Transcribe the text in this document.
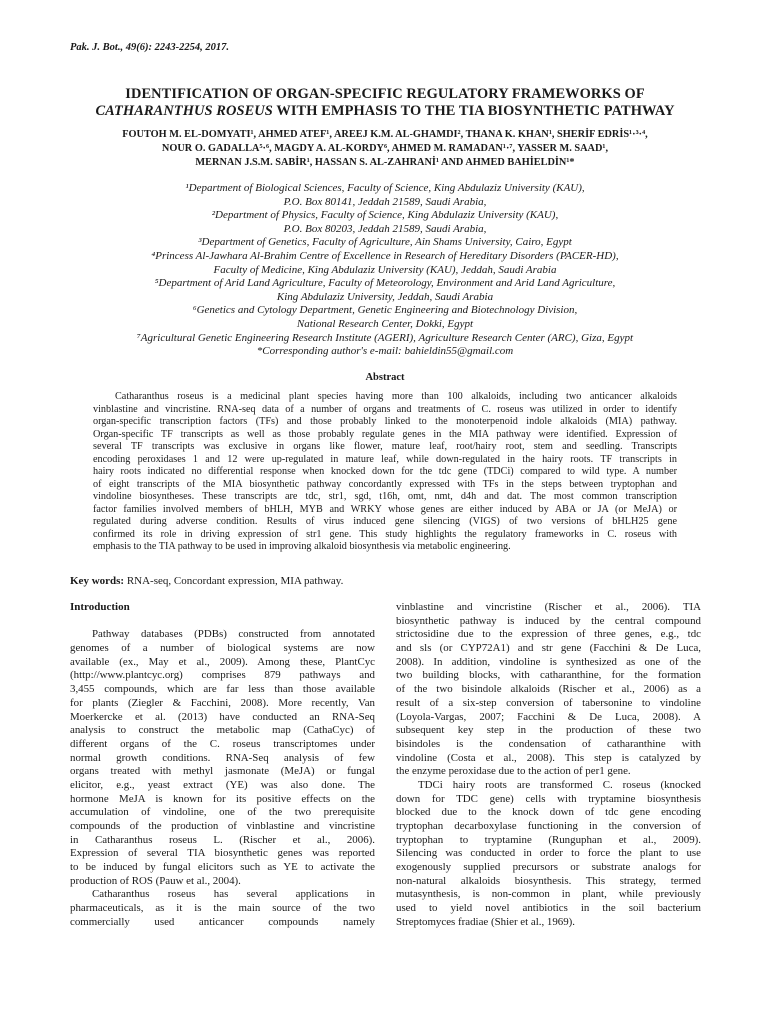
Pak. J. Bot., 49(6): 2243-2254, 2017.
IDENTIFICATION OF ORGAN-SPECIFIC REGULATORY FRAMEWORKS OF
CATHARANTHUS ROSEUS WITH EMPHASIS TO THE TIA BIOSYNTHETIC PATHWAY
FOUTOH M. EL-DOMYATI¹, AHMED ATEF¹, AREEJ K.M. AL-GHAMDI², THANA K. KHAN¹, SHERİF EDRİS¹·³·⁴,
NOUR O. GADALLA⁵·⁶, MAGDY A. AL-KORDY⁶, AHMED M. RAMADAN¹·⁷, YASSER M. SAAD¹,
MERNAN J.S.M. SABİR¹, HASSAN S. AL-ZAHRANİ¹ AND AHMED BAHİELDİN¹*
¹Department of Biological Sciences, Faculty of Science, King Abdulaziz University (KAU),
P.O. Box 80141, Jeddah 21589, Saudi Arabia,
²Department of Physics, Faculty of Science, King Abdulaziz University (KAU),
P.O. Box 80203, Jeddah 21589, Saudi Arabia,
³Department of Genetics, Faculty of Agriculture, Ain Shams University, Cairo, Egypt
⁴Princess Al-Jawhara Al-Brahim Centre of Excellence in Research of Hereditary Disorders (PACER-HD),
Faculty of Medicine, King Abdulaziz University (KAU), Jeddah, Saudi Arabia
⁵Department of Arid Land Agriculture, Faculty of Meteorology, Environment and Arid Land Agriculture,
King Abdulaziz University, Jeddah, Saudi Arabia
⁶Genetics and Cytology Department, Genetic Engineering and Biotechnology Division,
National Research Center, Dokki, Egypt
⁷Agricultural Genetic Engineering Research Institute (AGERI), Agriculture Research Center (ARC), Giza, Egypt
*Corresponding author's e-mail: bahieldin55@gmail.com
Abstract
Catharanthus roseus is a medicinal plant species having more than 100 alkaloids, including two anticancer alkaloids
vinblastine and vincristine. RNA-seq data of a number of organs and treatments of C. roseus was utilized in order to identify
organ-specific transcription factors (TFs) and those probably linked to the monoterpenoid indole alkaloids (MIA) pathway.
Organ-specific TF transcripts as well as those probably regulate genes in the MIA pathway were identified. Expression of
several TF transcripts was exclusive in organs like flower, mature leaf, root/hairy root, stem and seedling. Transcripts
encoding peroxidases 1 and 12 were up-regulated in mature leaf, while down-regulated in the hairy roots. TF transcripts in
hairy roots indicated no differential response when knocked down for the tdc gene (TDCi) compared to wild type. A number
of eight transcripts of the MIA biosynthetic pathway concordantly expressed with TFs in the steps between tryptophan and
vindoline biosyntheses. These transcripts are tdc, str1, sgd, t16h, omt, nmt, d4h and dat. The most common transcription
factor families involved members of bHLH, MYB and WRKY whose genes are either induced by ABA or JA (or MeJA) or
regulated during adverse condition. Results of virus induced gene silencing (VIGS) of two versions of bHLH25 gene
confirmed its role in driving expression of str1 gene. This study highlights the regulatory frameworks in C. roseus with
emphasis to the TIA pathway to be used in improving alkaloid biosynthesis via metabolic engineering.
Key words: RNA-seq, Concordant expression, MIA pathway.
Introduction
Pathway databases (PDBs) constructed from annotated
genomes of a number of biological systems are now
available (ex., May et al., 2009). Among these, PlantCyc
(http://www.plantcyc.org) comprises 879 pathways and
3,455 compounds, which are far less than those available
for plants (Ziegler & Facchini, 2008). More recently, Van
Moerkercke et al. (2013) have conducted an RNA-Seq
analysis to construct the metabolic map (CathaCyc) of
different organs of the C. roseus transcriptomes under
normal growth conditions. RNA-Seq analysis of few
organs treated with methyl jasmonate (MeJA) or fungal
elicitor, e.g., yeast extract (YE) was also done. The
hormone MeJA is known for its positive effects on the
accumulation of vindoline, one of the two prerequisite
compounds of the production of vinblastine and vincristine
in Catharanthus roseus L. (Rischer et al., 2006).
Expression of several TIA biosynthetic genes was reported
to be induced by fungal elicitors such as YE to activate the
production of ROS (Pauw et al., 2004).
Catharanthus roseus has several applications in
pharmaceuticals, as it is the main source of the two
commercially used anticancer compounds namely
vinblastine and vincristine (Rischer et al., 2006). TIA
biosynthetic pathway is induced by the central compound
strictosidine due to the expression of three genes, e.g., tdc
and sls (or CYP72A1) and str gene (Facchini & De Luca,
2008). In addition, vindoline is synthesized as one of the
two building blocks, with catharanthine, for the formation
of the two bisindole alkaloids (Rischer et al., 2006) as a
result of a six-step conversion of tabersonine to vindoline
(Loyola-Vargas, 2007; Facchini & De Luca, 2008). A
subsequent key step in the production of these two
bisindoles is the condensation of catharanthine with
vindoline (Costa et al., 2008). This step is catalyzed by
the enzyme peroxidase due to the action of per1 gene.
TDCi hairy roots are transformed C. roseus (knocked
down for TDC gene) cells with tryptamine biosynthesis
blocked due to the knock down of tdc gene encoding
tryptophan decarboxylase functioning in the conversion of
tryptophan to tryptamine (Runguphan et al., 2009).
Silencing was conducted in order to force the plant to use
exogenously supplied precursors or substrate analogs for
non-natural alkaloids biosynthesis. This strategy, termed
mutasynthesis, is non-common in plant, while previously
used to yield novel antibiotics in the soil bacterium
Streptomyces fradiae (Shier et al., 1969).
